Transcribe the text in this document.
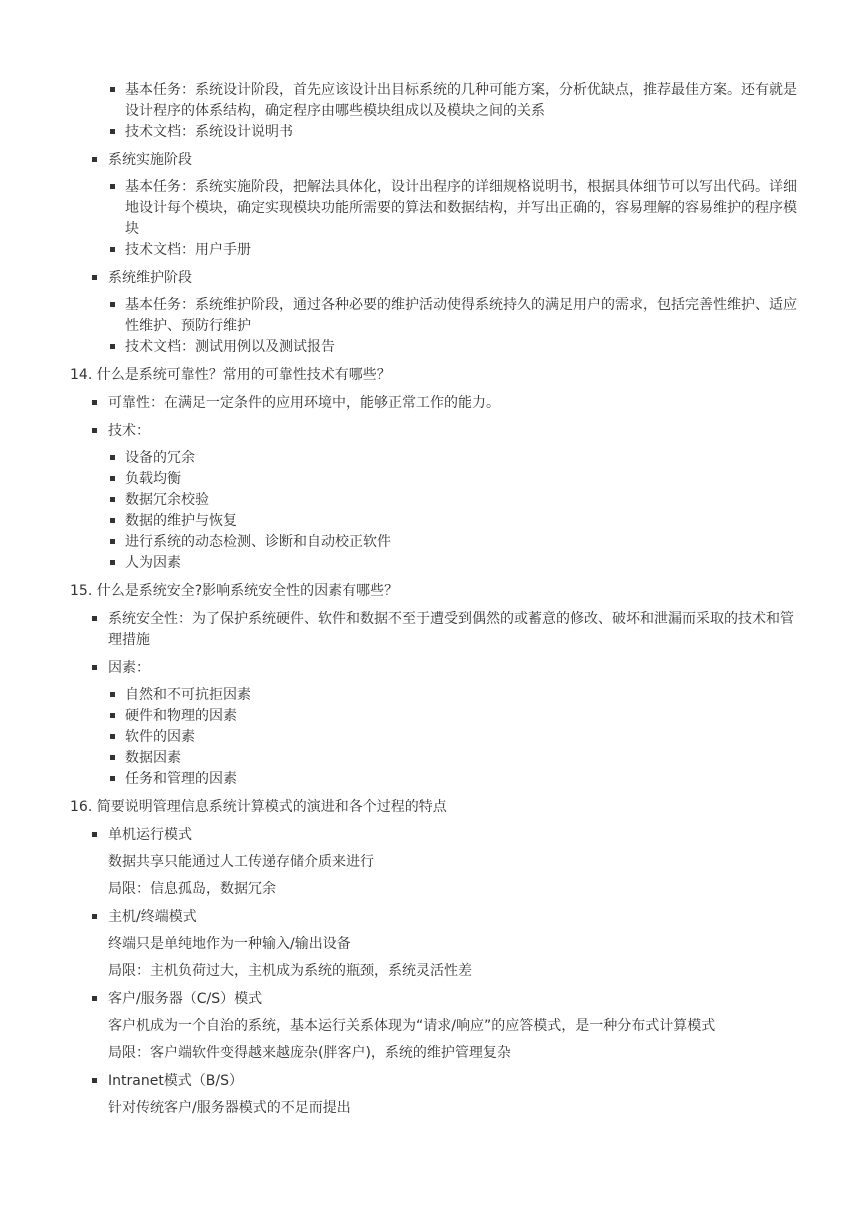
基本任务：系统设计阶段，首先应该设计出目标系统的几种可能方案，分析优缺点，推荐最佳方案。还有就是设计程序的体系结构，确定程序由哪些模块组成以及模块之间的关系
技术文档：系统设计说明书
系统实施阶段
基本任务：系统实施阶段，把解法具体化，设计出程序的详细规格说明书，根据具体细节可以写出代码。详细地设计每个模块，确定实现模块功能所需要的算法和数据结构，并写出正确的，容易理解的容易维护的程序模块
技术文档：用户手册
系统维护阶段
基本任务：系统维护阶段，通过各种必要的维护活动使得系统持久的满足用户的需求，包括完善性维护、适应性维护、预防行维护
技术文档：测试用例以及测试报告
14. 什么是系统可靠性？常用的可靠性技术有哪些？
可靠性：在满足一定条件的应用环境中，能够正常工作的能力。
技术：
设备的冗余
负载均衡
数据冗余校验
数据的维护与恢复
进行系统的动态检测、诊断和自动校正软件
人为因素
15. 什么是系统安全?影响系统安全性的因素有哪些？
系统安全性：为了保护系统硬件、软件和数据不至于遭受到偶然的或蓄意的修改、破坏和泄漏而采取的技术和管理措施
因素：
自然和不可抗拒因素
硬件和物理的因素
软件的因素
数据因素
任务和管理的因素
16. 简要说明管理信息系统计算模式的演进和各个过程的特点
单机运行模式
数据共享只能通过人工传递存储介质来进行
局限：信息孤岛，数据冗余
主机/终端模式
终端只是单纯地作为一种输入/输出设备
局限：主机负荷过大，主机成为系统的瓶颈，系统灵活性差
客户/服务器（C/S）模式
客户机成为一个自治的系统，基本运行关系体现为“请求/响应”的应答模式，是一种分布式计算模式
局限：客户端软件变得越来越庞杂(胖客户)，系统的维护管理复杂
Intranet模式（B/S）
针对传统客户/服务器模式的不足而提出
